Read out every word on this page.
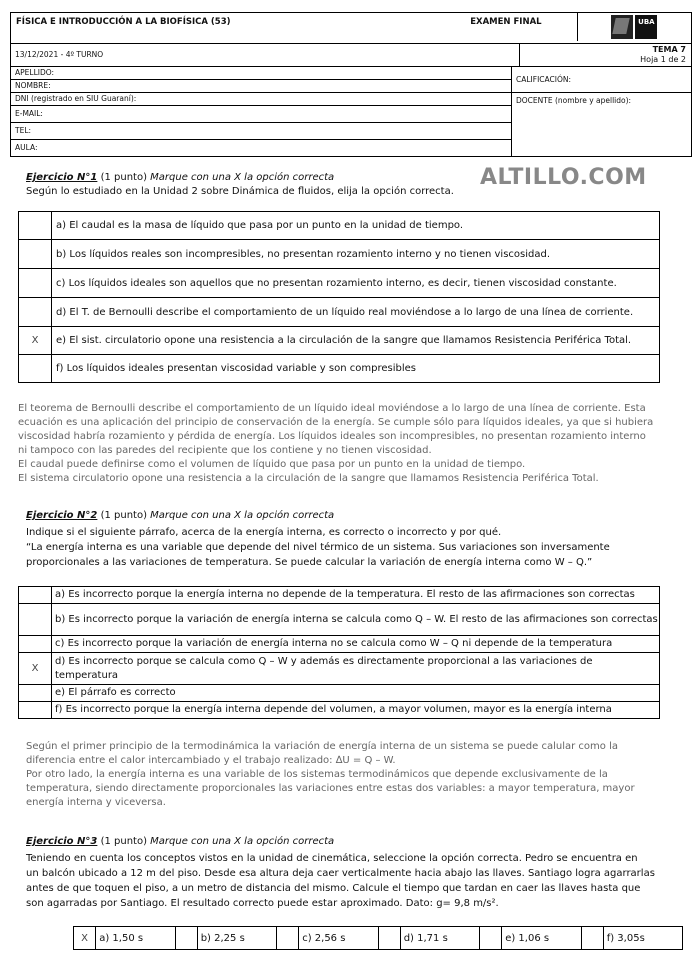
FÍSICA E INTRODUCCIÓN A LA BIOFÍSICA (53)	EXAMEN FINAL	UBA
13/12/2021 - 4º TURNO
TEMA 7
Hoja 1 de 2
APELLIDO:
NOMBRE:
DNI (registrado en SIU Guaraní):
E-MAIL:
TEL:
AULA:
CALIFICACIÓN:
DOCENTE (nombre y apellido):
ALTILLO.COM
Ejercicio N°1 (1 punto) Marque con una X la opción correcta
Según lo estudiado en la Unidad 2 sobre Dinámica de fluidos, elija la opción correcta.
	a) El caudal es la masa de líquido que pasa por un punto en la unidad de tiempo.
	b) Los líquidos reales son incompresibles, no presentan rozamiento interno y no tienen viscosidad.
	c) Los líquidos ideales son aquellos que no presentan rozamiento interno, es decir, tienen viscosidad constante.
	d) El T. de Bernoulli describe el comportamiento de un líquido real moviéndose a lo largo de una línea de corriente.
X	e) El sist. circulatorio opone una resistencia a la circulación de la sangre que llamamos Resistencia Periférica Total.
	f) Los líquidos ideales presentan viscosidad variable y son compresibles
El teorema de Bernoulli describe el comportamiento de un líquido ideal moviéndose a lo largo de una línea de corriente. Esta
ecuación es una aplicación del principio de conservación de la energía. Se cumple sólo para líquidos ideales, ya que si hubiera
viscosidad habría rozamiento y pérdida de energía. Los líquidos ideales son incompresibles, no presentan rozamiento interno
ni tampoco con las paredes del recipiente que los contiene y no tienen viscosidad.
El caudal puede definirse como el volumen de líquido que pasa por un punto en la unidad de tiempo.
El sistema circulatorio opone una resistencia a la circulación de la sangre que llamamos Resistencia Periférica Total.
Ejercicio N°2 (1 punto) Marque con una X la opción correcta
Indique si el siguiente párrafo, acerca de la energía interna, es correcto o incorrecto y por qué.
“La energía interna es una variable que depende del nivel térmico de un sistema. Sus variaciones son inversamente
proporcionales a las variaciones de temperatura. Se puede calcular la variación de energía interna como W – Q.”
	a) Es incorrecto porque la energía interna no depende de la temperatura. El resto de las afirmaciones son correctas
	b) Es incorrecto porque la variación de energía interna se calcula como Q – W. El resto de las afirmaciones son correctas
	c) Es incorrecto porque la variación de energía interna no se calcula como W – Q ni depende de la temperatura
X	d) Es incorrecto porque se calcula como Q – W y además es directamente proporcional a las variaciones de temperatura
	e) El párrafo es correcto
	f) Es incorrecto porque la energía interna depende del volumen, a mayor volumen, mayor es la energía interna
Según el primer principio de la termodinámica la variación de energía interna de un sistema se puede calular como la
diferencia entre el calor intercambiado y el trabajo realizado: ∆U = Q – W.
Por otro lado, la energía interna es una variable de los sistemas termodinámicos que depende exclusivamente de la
temperatura, siendo directamente proporcionales las variaciones entre estas dos variables: a mayor temperatura, mayor
energía interna y viceversa.
Ejercicio N°3 (1 punto) Marque con una X la opción correcta
Teniendo en cuenta los conceptos vistos en la unidad de cinemática, seleccione la opción correcta. Pedro se encuentra en
un balcón ubicado a 12 m del piso. Desde esa altura deja caer verticalmente hacia abajo las llaves. Santiago logra agarrarlas
antes de que toquen el piso, a un metro de distancia del mismo. Calcule el tiempo que tardan en caer las llaves hasta que
son agarradas por Santiago. El resultado correcto puede estar aproximado. Dato: g= 9,8 m/s².
X	a) 1,50 s		b) 2,25 s		c) 2,56 s		d) 1,71 s		e) 1,06 s		f) 3,05s
